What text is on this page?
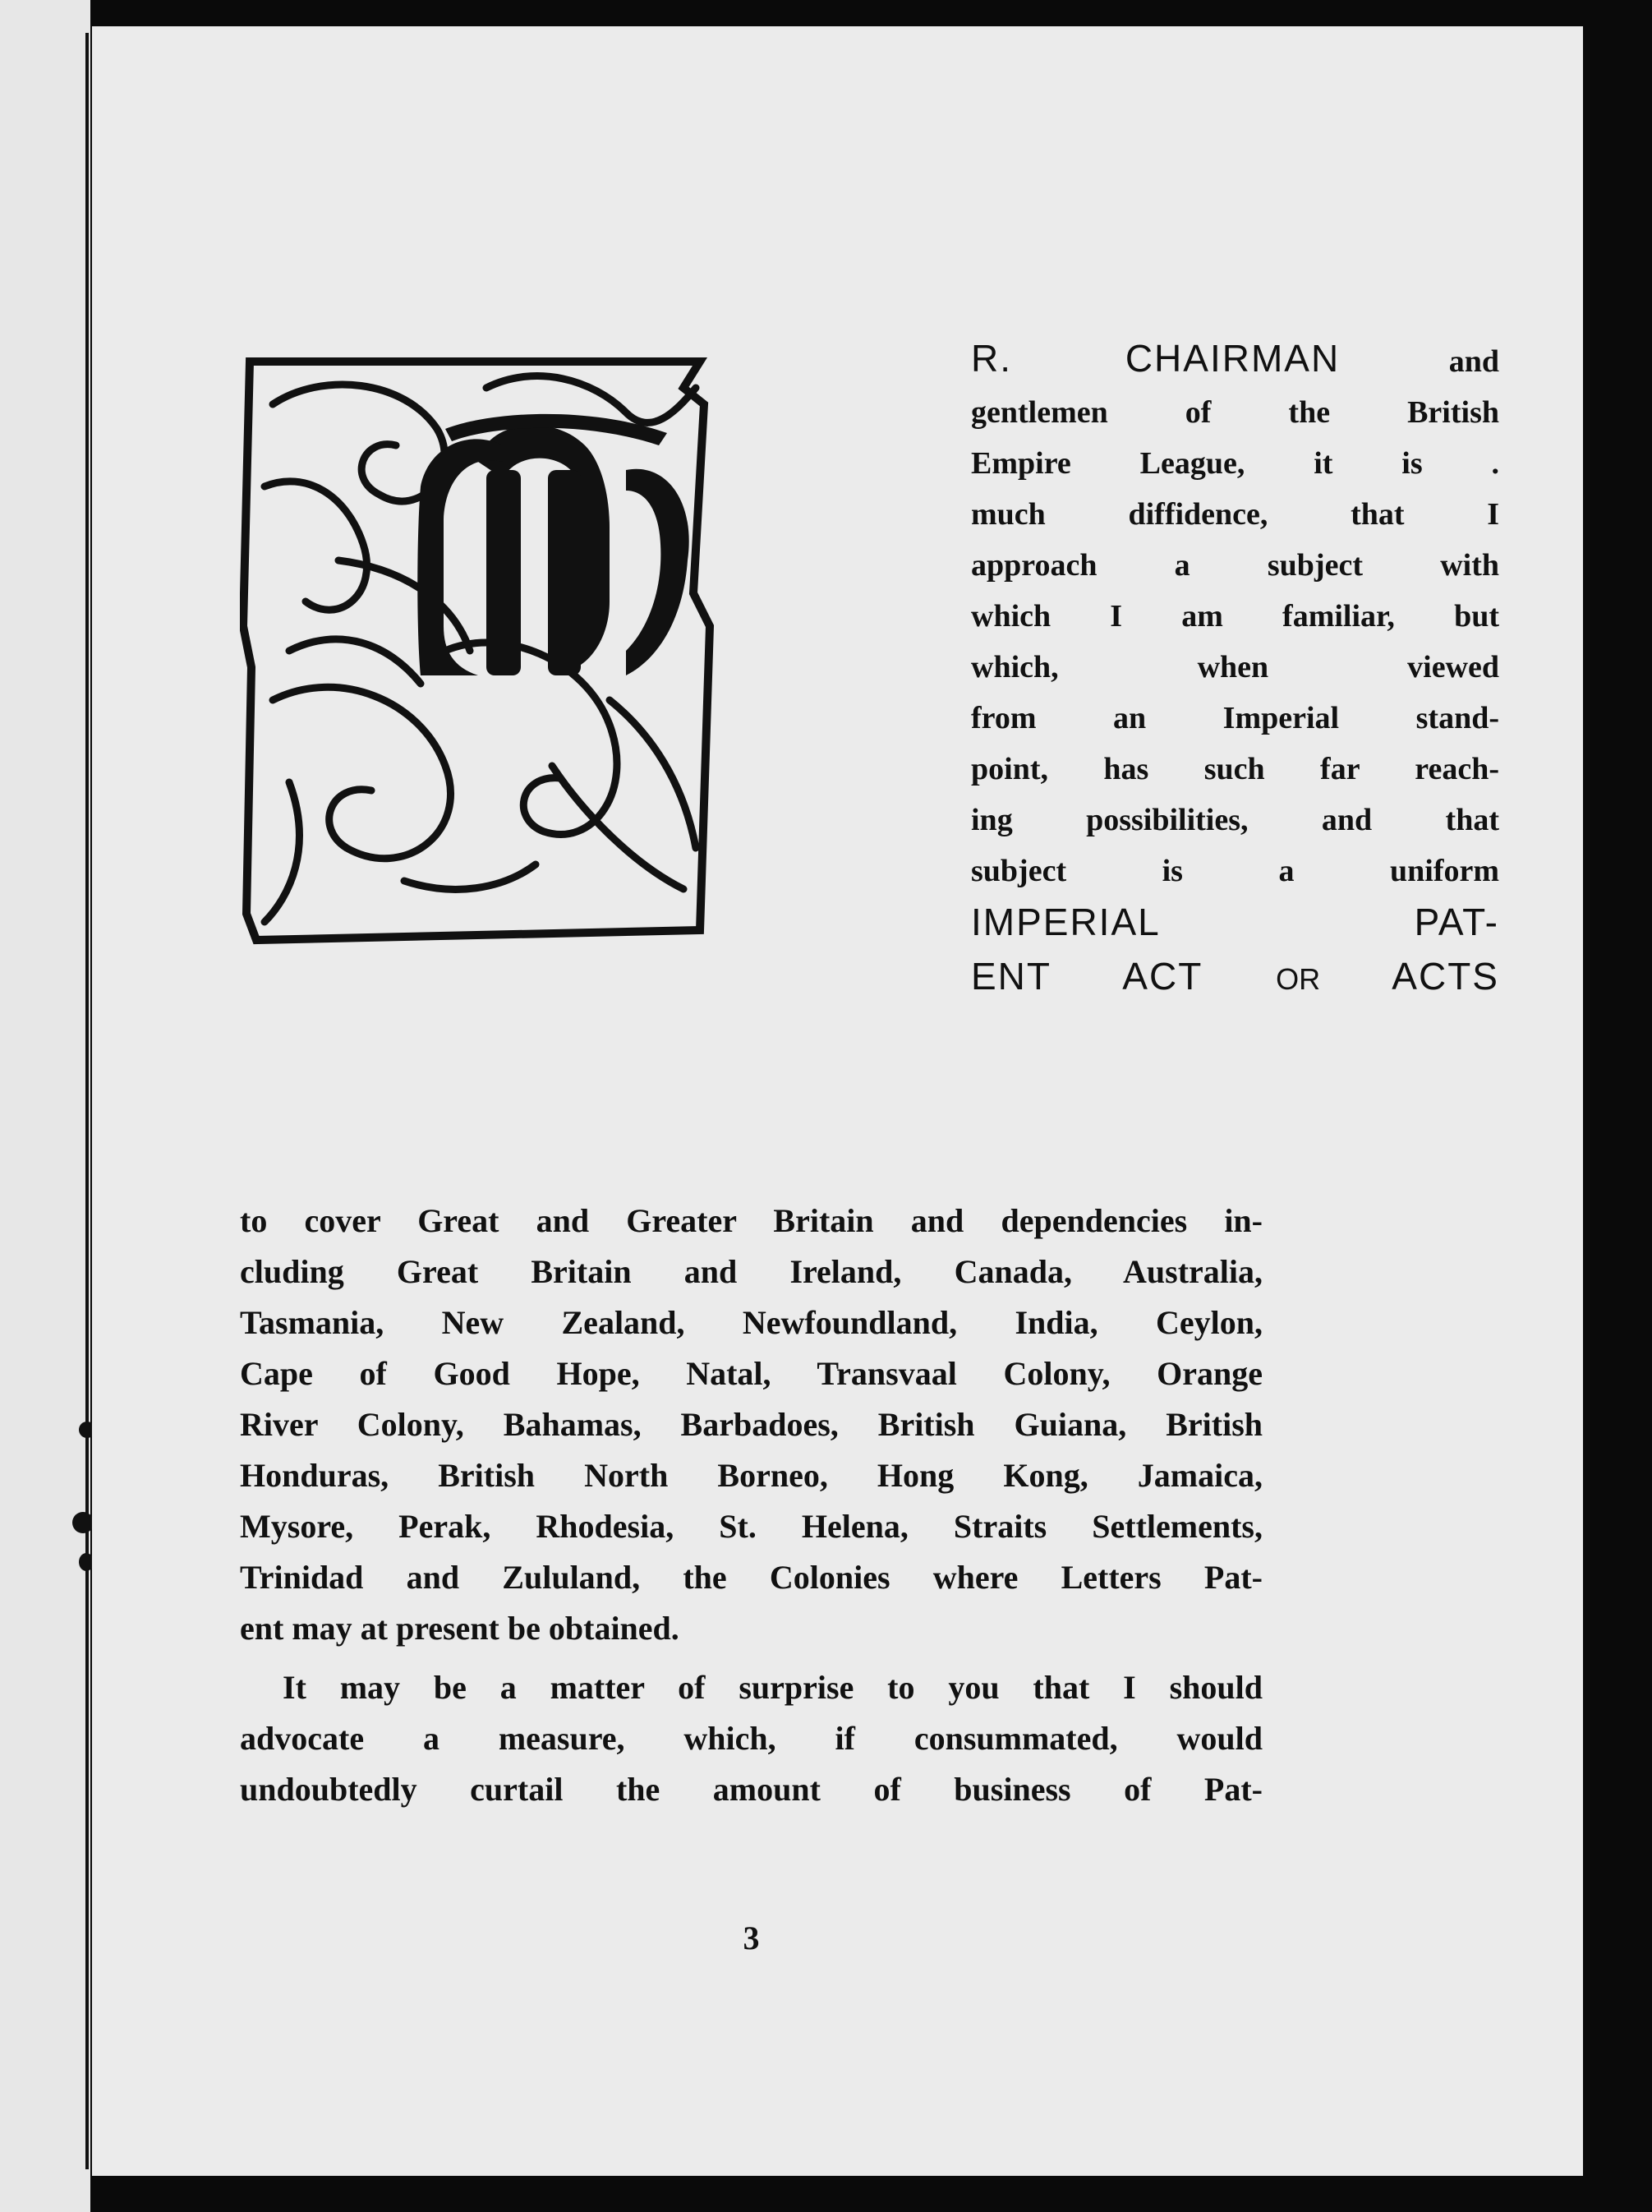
R. CHAIRMAN and
gentlemen of the British
Empire League, it is .
much diffidence, that I
approach a subject with
which I am familiar, but
which, when viewed
from an Imperial stand-
point, has such far reach-
ing possibilities, and that
subject is a uniform
IMPERIAL PAT-
ENT ACT OR ACTS
to cover Great and Greater Britain and dependencies in-
cluding Great Britain and Ireland, Canada, Australia,
Tasmania, New Zealand, Newfoundland, India, Ceylon,
Cape of Good Hope, Natal, Transvaal Colony, Orange
River Colony, Bahamas, Barbadoes, British Guiana, British
Honduras, British North Borneo, Hong Kong, Jamaica,
Mysore, Perak, Rhodesia, St. Helena, Straits Settlements,
Trinidad and Zululand, the Colonies where Letters Pat-
ent may at present be obtained.
It may be a matter of surprise to you that I should
advocate a measure, which, if consummated, would
undoubtedly curtail the amount of business of Pat-
3
